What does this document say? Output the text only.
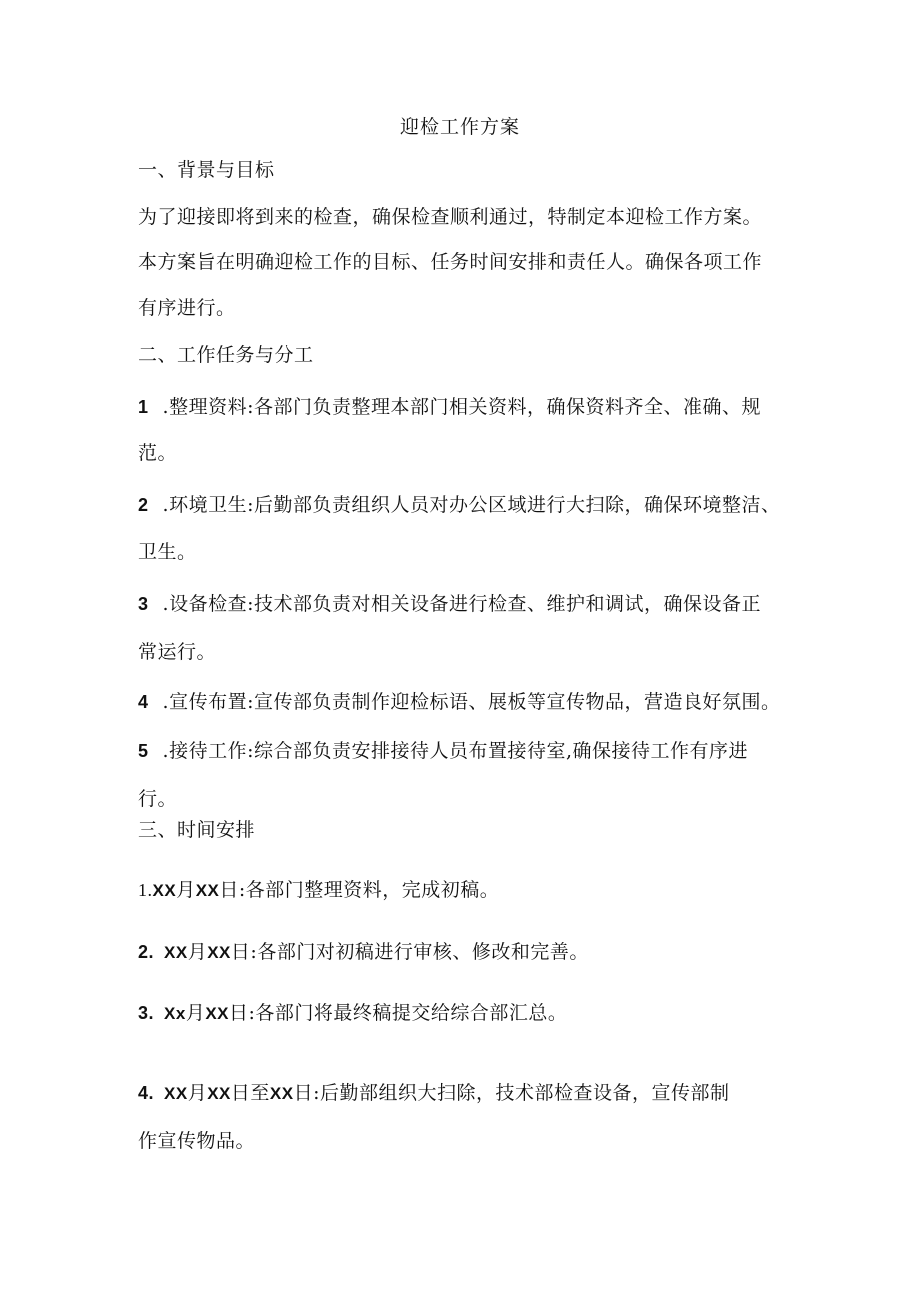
迎检工作方案
一、背景与目标
为了迎接即将到来的检查，确保检查顺利通过，特制定本迎检工作方案。
本方案旨在明确迎检工作的目标、任务时间安排和责任人。确保各项工作
有序进行。
二、工作任务与分工
1 .整理资料:各部门负责整理本部门相关资料，确保资料齐全、准确、规
范。
2 .环境卫生:后勤部负责组织人员对办公区域进行大扫除，确保环境整洁、
卫生。
3 .设备检查:技术部负责对相关设备进行检查、维护和调试，确保设备正
常运行。
4 .宣传布置:宣传部负责制作迎检标语、展板等宣传物品，营造良好氛围。
5 .接待工作:综合部负责安排接待人员布置接待室,确保接待工作有序进
行。
三、时间安排
1.XX月XX日:各部门整理资料，完成初稿。
2. XX月XX日:各部门对初稿进行审核、修改和完善。
3. Xx月XX日:各部门将最终稿提交给综合部汇总。
4. XX月XX日至XX日:后勤部组织大扫除，技术部检查设备，宣传部制
作宣传物品。
